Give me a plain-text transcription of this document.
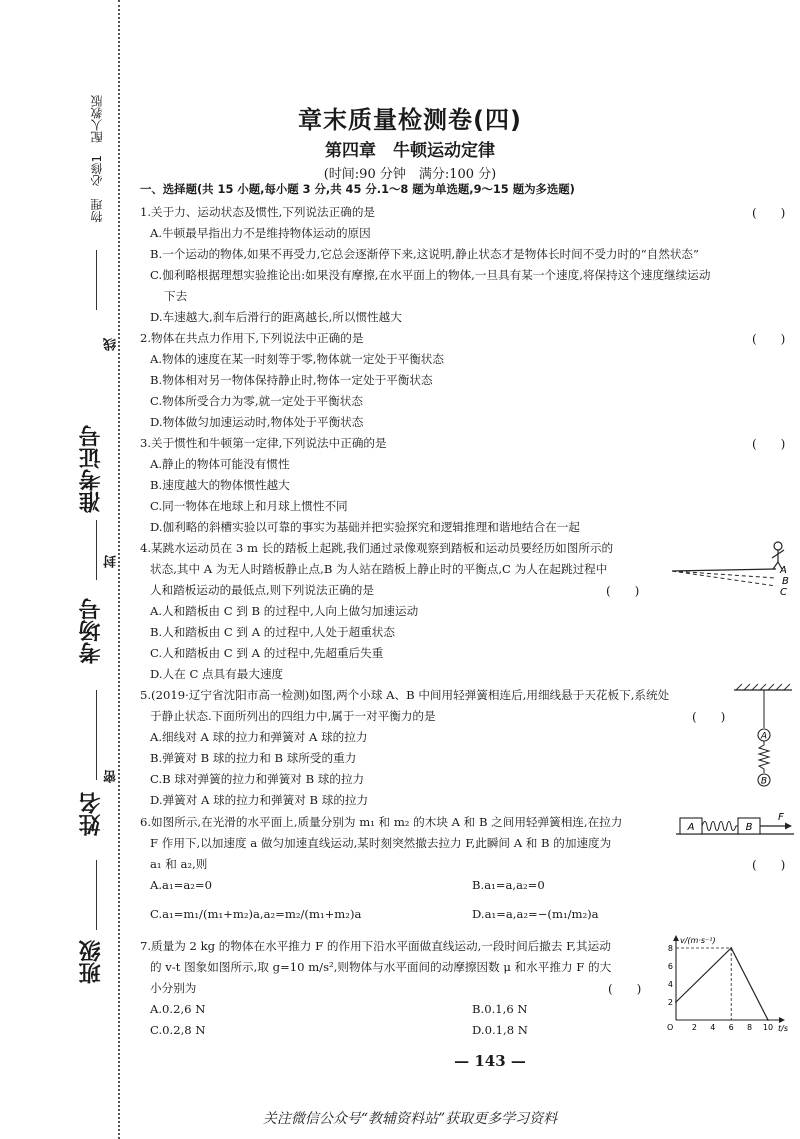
物理　必修1　配人教版
准考证号
考场号
姓名
班级
线
封
密
章末质量检测卷(四)
第四章　牛顿运动定律
(时间:90 分钟　满分:100 分)
一、选择题(共 15 小题,每小题 3 分,共 45 分.1～8 题为单选题,9～15 题为多选题)
1.关于力、运动状态及惯性,下列说法正确的是
A.牛顿最早指出力不是维持物体运动的原因
B.一个运动的物体,如果不再受力,它总会逐渐停下来,这说明,静止状态才是物体长时间不受力时的“自然状态”
C.伽利略根据理想实验推论出:如果没有摩擦,在水平面上的物体,一旦具有某一个速度,将保持这个速度继续运动
下去
D.车速越大,刹车后滑行的距离越长,所以惯性越大
2.物体在共点力作用下,下列说法中正确的是
A.物体的速度在某一时刻等于零,物体就一定处于平衡状态
B.物体相对另一物体保持静止时,物体一定处于平衡状态
C.物体所受合力为零,就一定处于平衡状态
D.物体做匀加速运动时,物体处于平衡状态
3.关于惯性和牛顿第一定律,下列说法中正确的是
A.静止的物体可能没有惯性
B.速度越大的物体惯性越大
C.同一物体在地球上和月球上惯性不同
D.伽利略的斜槽实验以可靠的事实为基础并把实验探究和逻辑推理和谐地结合在一起
4.某跳水运动员在 3 m 长的踏板上起跳,我们通过录像观察到踏板和运动员要经历如图所示的
状态,其中 A 为无人时踏板静止点,B 为人站在踏板上静止时的平衡点,C 为人在起跳过程中
人和踏板运动的最低点,则下列说法正确的是
A.人和踏板由 C 到 B 的过程中,人向上做匀加速运动
B.人和踏板由 C 到 A 的过程中,人处于超重状态
C.人和踏板由 C 到 A 的过程中,先超重后失重
D.人在 C 点具有最大速度
5.(2019·辽宁省沈阳市高一检测)如图,两个小球 A、B 中间用轻弹簧相连后,用细线悬于天花板下,系统处
于静止状态.下面所列出的四组力中,属于一对平衡力的是
A.细线对 A 球的拉力和弹簧对 A 球的拉力
B.弹簧对 B 球的拉力和 B 球所受的重力
C.B 球对弹簧的拉力和弹簧对 B 球的拉力
D.弹簧对 A 球的拉力和弹簧对 B 球的拉力
6.如图所示,在光滑的水平面上,质量分别为 m₁ 和 m₂ 的木块 A 和 B 之间用轻弹簧相连,在拉力
F 作用下,以加速度 a 做匀加速直线运动,某时刻突然撤去拉力 F,此瞬间 A 和 B 的加速度为
a₁ 和 a₂,则
A.a₁=a₂=0	B.a₁=a,a₂=0
C.a₁=m₁/(m₁+m₂)a,a₂=m₂/(m₁+m₂)a	D.a₁=a,a₂=−(m₁/m₂)a
7.质量为 2 kg 的物体在水平推力 F 的作用下沿水平面做直线运动,一段时间后撤去 F,其运动
的 v-t 图象如图所示,取 g=10 m/s²,则物体与水平面间的动摩擦因数 μ 和水平推力 F 的大
小分别为
A.0.2,6 N	B.0.1,6 N
C.0.2,8 N	D.0.1,8 N
(　　)
(　　)
(　　)
(　　)
(　　)
(　　)
(　　)
A
B
C
A
B
A	B
F
v/(m·s⁻¹)
t/s
O 2 4 6 8 10
2
4
6
8
— 143 —
关注微信公众号“教辅资料站”获取更多学习资料
